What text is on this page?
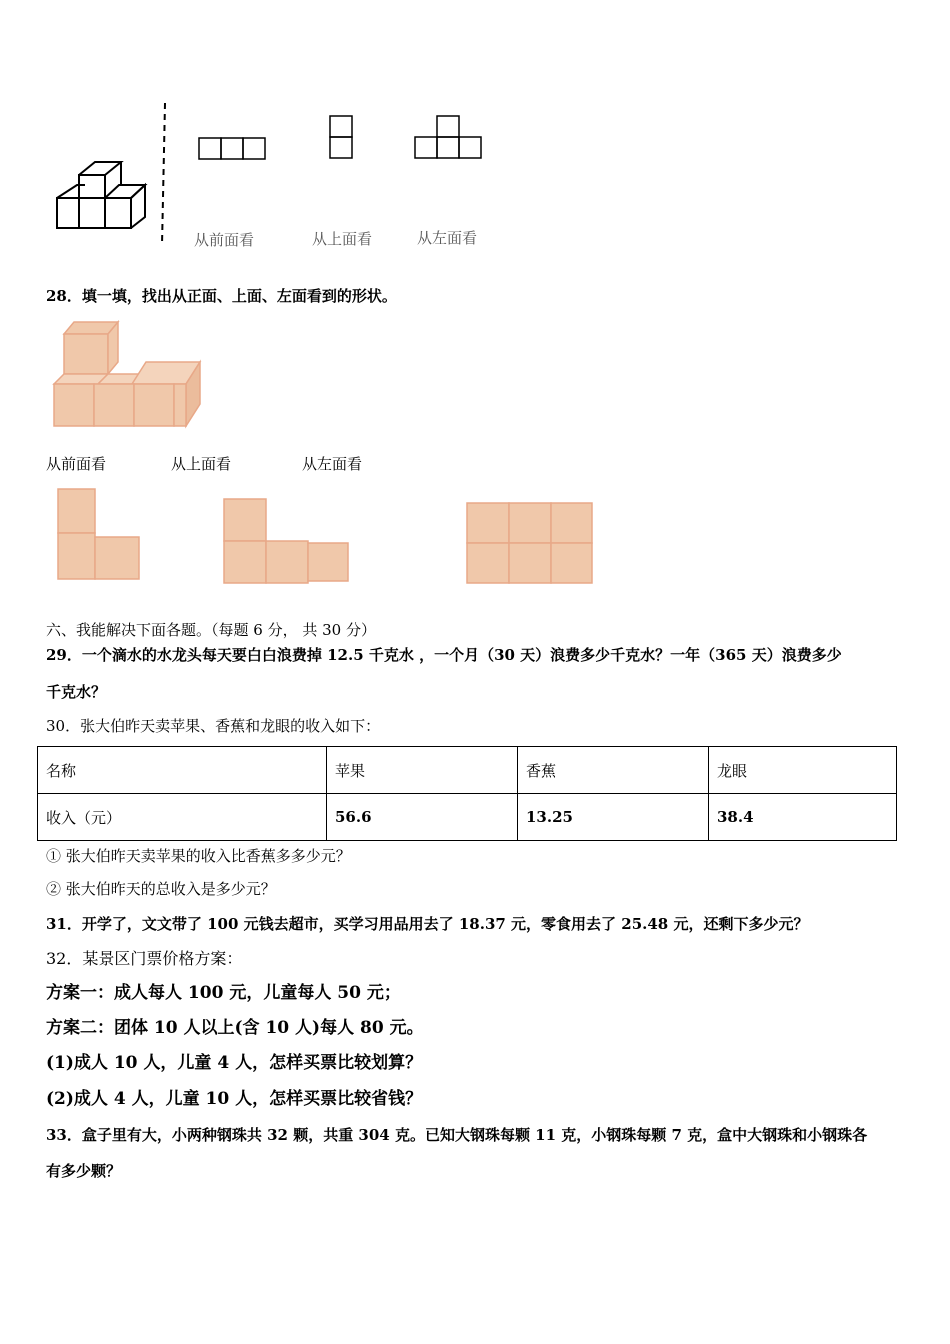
从前面看	从上面看	从左面看
28．填一填，找出从正面、上面、左面看到的形状。
从前面看	从上面看	从左面看
六、我能解决下面各题。（每题 6 分， 共 30 分）
29．一个滴水的水龙头每天要白白浪费掉 12.5 千克水 ，一个月（30 天）浪费多少千克水？一年（365 天）浪费多少
千克水？
30．张大伯昨天卖苹果、香蕉和龙眼的收入如下：
名称	苹果	香蕉	龙眼
收入（元）	56.6	13.25	38.4
① 张大伯昨天卖苹果的收入比香蕉多多少元？
② 张大伯昨天的总收入是多少元？
31．开学了，文文带了 100 元钱去超市，买学习用品用去了 18.37 元，零食用去了 25.48 元，还剩下多少元？
32．某景区门票价格方案：
方案一：成人每人 100 元，儿童每人 50 元；
方案二：团体 10 人以上(含 10 人)每人 80 元。
(1)成人 10 人，儿童 4 人，怎样买票比较划算？
(2)成人 4 人，儿童 10 人，怎样买票比较省钱？
33．盒子里有大，小两种钢珠共 32 颗，共重 304 克。已知大钢珠每颗 11 克，小钢珠每颗 7 克，盒中大钢珠和小钢珠各
有多少颗？
